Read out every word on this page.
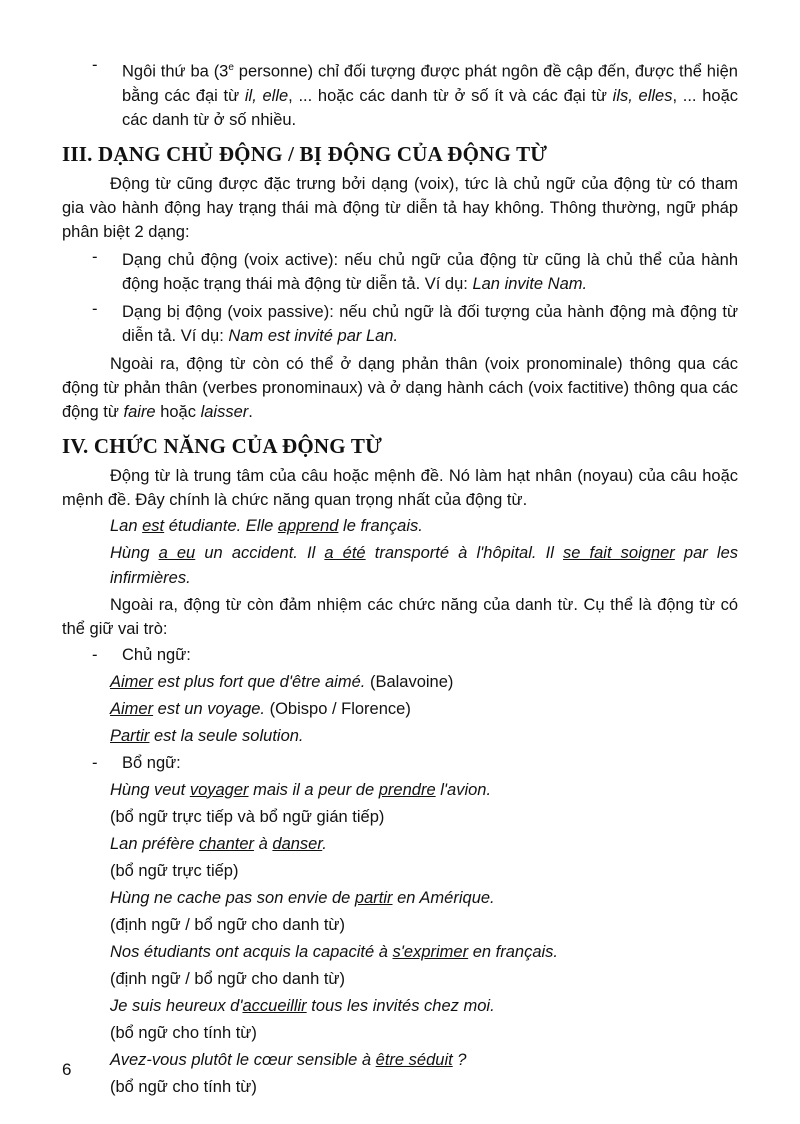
- Ngôi thứ ba (3e personne) chỉ đối tượng được phát ngôn đề cập đến, được thể hiện bằng các đại từ il, elle, ... hoặc các danh từ ở số ít và các đại từ ils, elles, ... hoặc các danh từ ở số nhiều.

III. DẠNG CHỦ ĐỘNG / BỊ ĐỘNG CỦA ĐỘNG TỪ

Động từ cũng được đặc trưng bởi dạng (voix), tức là chủ ngữ của động từ có tham gia vào hành động hay trạng thái mà động từ diễn tả hay không. Thông thường, ngữ pháp phân biệt 2 dạng:

- Dạng chủ động (voix active): nếu chủ ngữ của động từ cũng là chủ thể của hành động hoặc trạng thái mà động từ diễn tả. Ví dụ: Lan invite Nam.

- Dạng bị động (voix passive): nếu chủ ngữ là đối tượng của hành động mà động từ diễn tả. Ví dụ: Nam est invité par Lan.

Ngoài ra, động từ còn có thể ở dạng phản thân (voix pronominale) thông qua các động từ phản thân (verbes pronominaux) và ở dạng hành cách (voix factitive) thông qua các động từ faire hoặc laisser.

IV. CHỨC NĂNG CỦA ĐỘNG TỪ

Động từ là trung tâm của câu hoặc mệnh đề. Nó làm hạt nhân (noyau) của câu hoặc mệnh đề. Đây chính là chức năng quan trọng nhất của động từ.

Lan est étudiante. Elle apprend le français.

Hùng a eu un accident. Il a été transporté à l'hôpital. Il se fait soigner par les infirmières.

Ngoài ra, động từ còn đảm nhiệm các chức năng của danh từ. Cụ thể là động từ có thể giữ vai trò:

- Chủ ngữ:

Aimer est plus fort que d'être aimé. (Balavoine)

Aimer est un voyage. (Obispo / Florence)

Partir est la seule solution.

- Bổ ngữ:

Hùng veut voyager mais il a peur de prendre l'avion.

(bổ ngữ trực tiếp và bổ ngữ gián tiếp)

Lan préfère chanter à danser.

(bổ ngữ trực tiếp)

Hùng ne cache pas son envie de partir en Amérique.

(định ngữ / bổ ngữ cho danh từ)

Nos étudiants ont acquis la capacité à s'exprimer en français.

(định ngữ / bổ ngữ cho danh từ)

Je suis heureux d'accueillir tous les invités chez moi.

(bổ ngữ cho tính từ)

Avez-vous plutôt le cœur sensible à être séduit ?

(bổ ngữ cho tính từ)

6
